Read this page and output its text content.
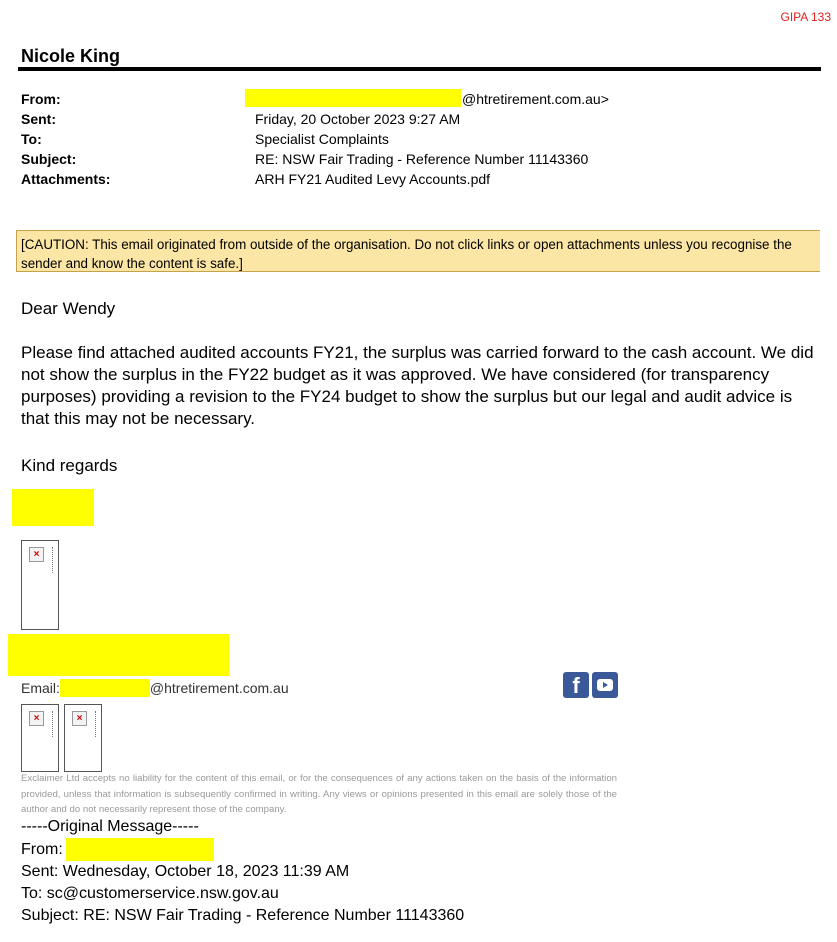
GIPA 133
Nicole King
From:	@htretirement.com.au>
Sent:	Friday, 20 October 2023 9:27 AM
To:	Specialist Complaints
Subject:	RE: NSW Fair Trading - Reference Number 11143360
Attachments:	ARH FY21 Audited Levy Accounts.pdf
[CAUTION: This email originated from outside of the organisation. Do not click links or open attachments unless you recognise the sender and know the content is safe.]
Dear Wendy
Please find attached audited accounts FY21, the surplus was carried forward to the cash account. We did not show the surplus in the FY22 budget as it was approved. We have considered (for transparency purposes) providing a revision to the FY24 budget to show the surplus but our legal and audit advice is that this may not be necessary.
Kind regards
×
Email:	@htretirement.com.au	f
×	×
Exclaimer Ltd accepts no liability for the content of this email, or for the consequences of any actions taken on the basis of the information provided, unless that information is subsequently confirmed in writing. Any views or opinions presented in this email are solely those of the author and do not necessarily represent those of the company.
-----Original Message-----
From:
Sent: Wednesday, October 18, 2023 11:39 AM
To: sc@customerservice.nsw.gov.au
Subject: RE: NSW Fair Trading - Reference Number 11143360
